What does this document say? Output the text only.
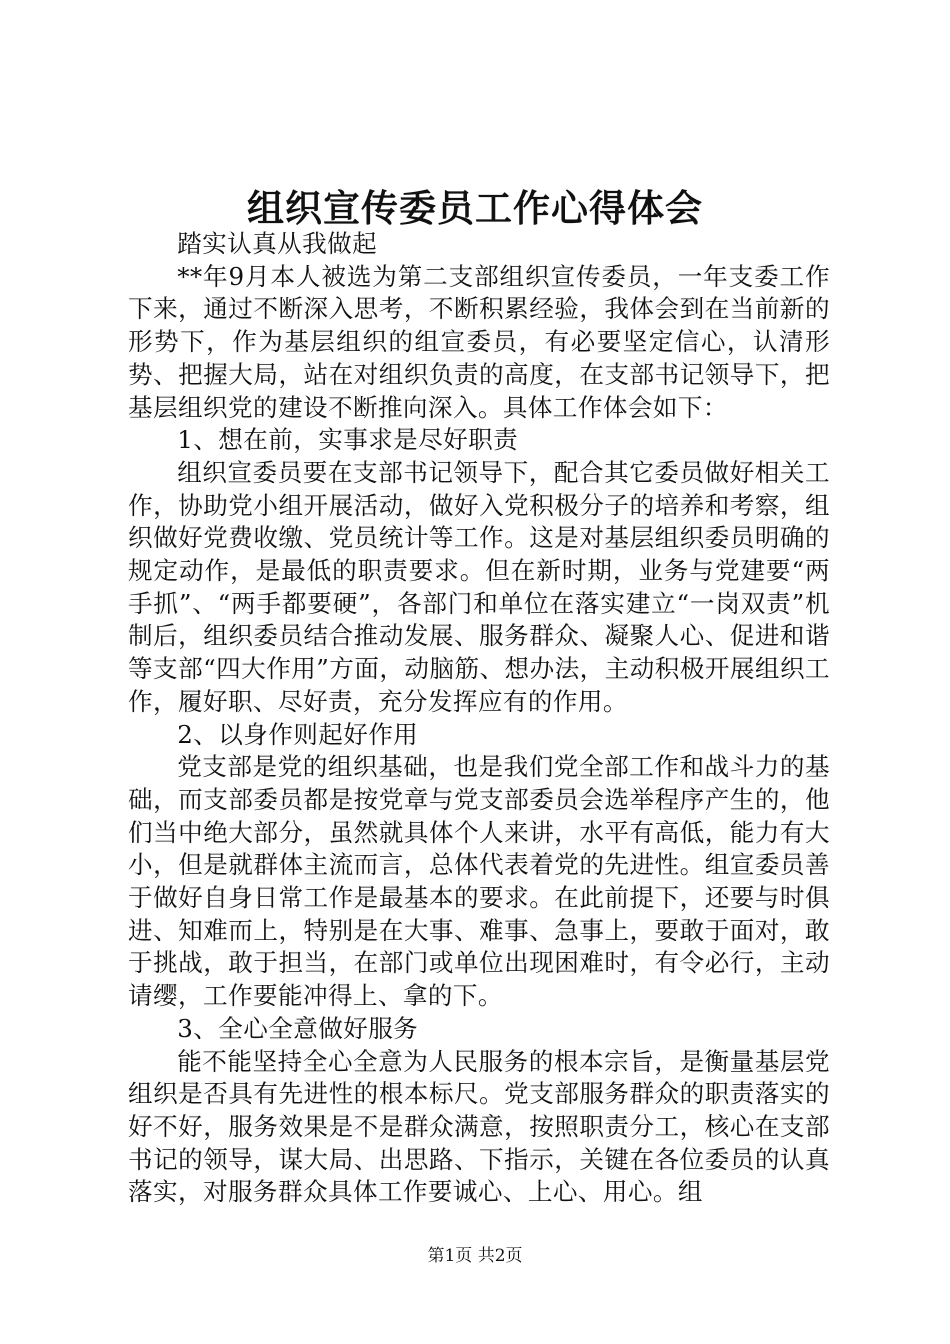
组织宣传委员工作心得体会

踏实认真从我做起

**年9月本人被选为第二支部组织宣传委员，一年支委工作下来，通过不断深入思考，不断积累经验，我体会到在当前新的形势下，作为基层组织的组宣委员，有必要坚定信心，认清形势、把握大局，站在对组织负责的高度，在支部书记领导下，把基层组织党的建设不断推向深入。具体工作体会如下：

1、想在前，实事求是尽好职责

组织宣委员要在支部书记领导下，配合其它委员做好相关工作，协助党小组开展活动，做好入党积极分子的培养和考察，组织做好党费收缴、党员统计等工作。这是对基层组织委员明确的规定动作，是最低的职责要求。但在新时期，业务与党建要“两手抓”、“两手都要硬”，各部门和单位在落实建立“一岗双责”机制后，组织委员结合推动发展、服务群众、凝聚人心、促进和谐等支部“四大作用”方面，动脑筋、想办法，主动积极开展组织工作，履好职、尽好责，充分发挥应有的作用。

2、以身作则起好作用

党支部是党的组织基础，也是我们党全部工作和战斗力的基础，而支部委员都是按党章与党支部委员会选举程序产生的，他们当中绝大部分，虽然就具体个人来讲，水平有高低，能力有大小，但是就群体主流而言，总体代表着党的先进性。组宣委员善于做好自身日常工作是最基本的要求。在此前提下，还要与时俱进、知难而上，特别是在大事、难事、急事上，要敢于面对，敢于挑战，敢于担当，在部门或单位出现困难时，有令必行，主动请缨，工作要能冲得上、拿的下。

3、全心全意做好服务

能不能坚持全心全意为人民服务的根本宗旨，是衡量基层党组织是否具有先进性的根本标尺。党支部服务群众的职责落实的好不好，服务效果是不是群众满意，按照职责分工，核心在支部书记的领导，谋大局、出思路、下指示，关键在各位委员的认真落实，对服务群众具体工作要诚心、上心、用心。组

第1页 共2页
